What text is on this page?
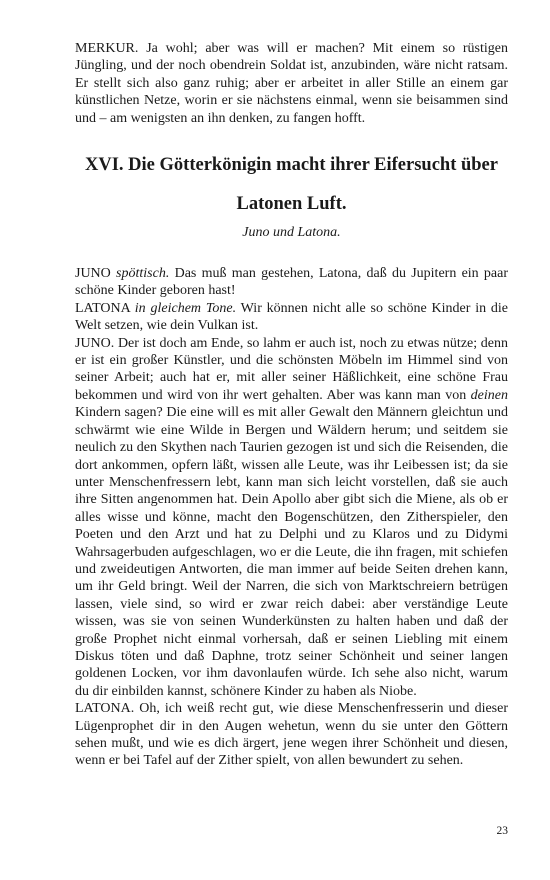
MERKUR. Ja wohl; aber was will er machen? Mit einem so rüstigen Jüngling, und der noch obendrein Soldat ist, anzubinden, wäre nicht ratsam. Er stellt sich also ganz ruhig; aber er arbeitet in aller Stille an einem gar künstlichen Netze, worin er sie nächstens einmal, wenn sie beisammen sind und – am wenigsten an ihn denken, zu fangen hofft.

XVI. Die Götterkönigin macht ihrer Eifersucht über
Latonen Luft.

Juno und Latona.

JUNO spöttisch. Das muß man gestehen, Latona, daß du Jupitern ein paar schöne Kinder geboren hast!

LATONA in gleichem Tone. Wir können nicht alle so schöne Kinder in die Welt setzen, wie dein Vulkan ist.

JUNO. Der ist doch am Ende, so lahm er auch ist, noch zu etwas nütze; denn er ist ein großer Künstler, und die schönsten Möbeln im Himmel sind von seiner Arbeit; auch hat er, mit aller seiner Häßlichkeit, eine schöne Frau bekommen und wird von ihr wert gehalten. Aber was kann man von deinen Kindern sagen? Die eine will es mit aller Gewalt den Männern gleichtun und schwärmt wie eine Wilde in Bergen und Wäldern herum; und seitdem sie neulich zu den Skythen nach Taurien gezogen ist und sich die Reisenden, die dort ankommen, opfern läßt, wissen alle Leute, was ihr Leibessen ist; da sie unter Menschenfressern lebt, kann man sich leicht vorstellen, daß sie auch ihre Sitten angenommen hat. Dein Apollo aber gibt sich die Miene, als ob er alles wisse und könne, macht den Bogenschützen, den Zitherspieler, den Poeten und den Arzt und hat zu Delphi und zu Klaros und zu Didymi Wahrsagerbuden aufgeschlagen, wo er die Leute, die ihn fragen, mit schiefen und zweideutigen Antworten, die man immer auf beide Seiten drehen kann, um ihr Geld bringt. Weil der Narren, die sich von Marktschreiern betrügen lassen, viele sind, so wird er zwar reich dabei: aber verständige Leute wissen, was sie von seinen Wunderkünsten zu halten haben und daß der große Prophet nicht einmal vorhersah, daß er seinen Liebling mit einem Diskus töten und daß Daphne, trotz seiner Schönheit und seiner langen goldenen Locken, vor ihm davonlaufen würde. Ich sehe also nicht, warum du dir einbilden kannst, schönere Kinder zu haben als Niobe.

LATONA. Oh, ich weiß recht gut, wie diese Menschenfresserin und dieser Lügenprophet dir in den Augen wehetun, wenn du sie unter den Göttern sehen mußt, und wie es dich ärgert, jene wegen ihrer Schönheit und diesen, wenn er bei Tafel auf der Zither spielt, von allen bewundert zu sehen.

23
